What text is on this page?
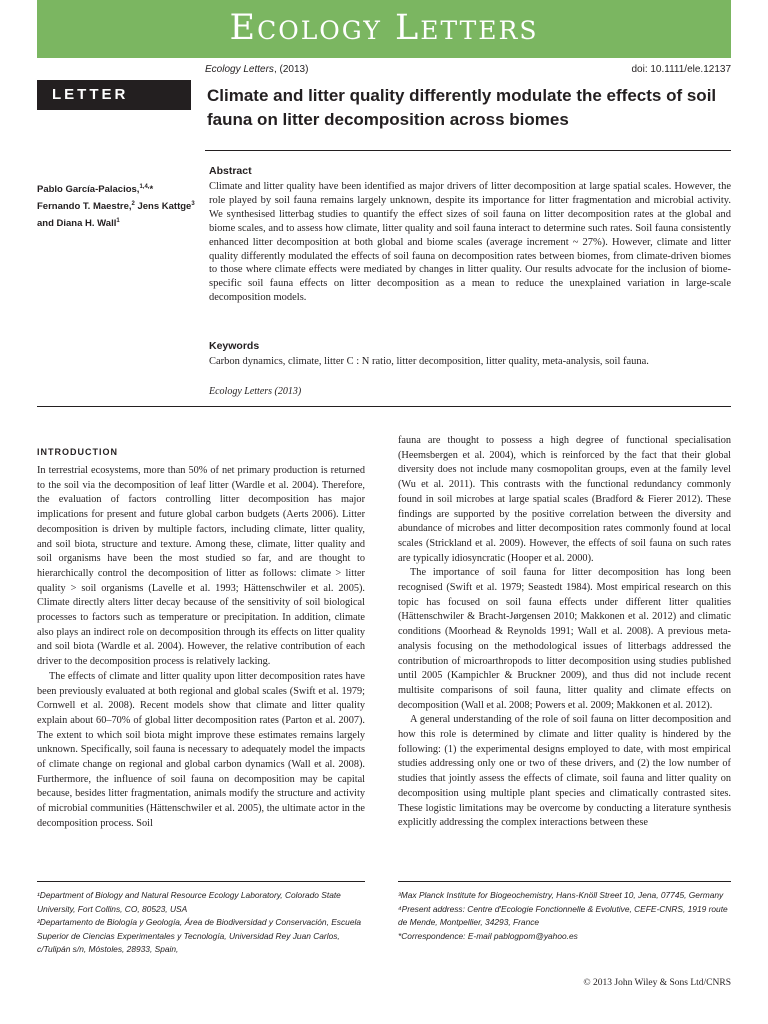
Ecology Letters
Ecology Letters, (2013)	doi: 10.1111/ele.12137
LETTER	Climate and litter quality differently modulate the effects of soil fauna on litter decomposition across biomes
Pablo García-Palacios,$^{1,4,}$*
Fernando T. Maestre,$^2$ Jens Kattge$^3$
and Diana H. Wall$^1$
Abstract
Climate and litter quality have been identified as major drivers of litter decomposition at large spatial scales. However, the role played by soil fauna remains largely unknown, despite its importance for litter fragmentation and microbial activity. We synthesised litterbag studies to quantify the effect sizes of soil fauna on litter decomposition rates at the global and biome scales, and to assess how climate, litter quality and soil fauna interact to determine such rates. Soil fauna consistently enhanced litter decomposition at both global and biome scales (average increment ~ 27%). However, climate and litter quality differently modulated the effects of soil fauna on decomposition rates between biomes, from climate-driven biomes to those where climate effects were mediated by changes in litter quality. Our results advocate for the inclusion of biome-specific soil fauna effects on litter decomposition as a mean to reduce the unexplained variation in large-scale decomposition models.
Keywords
Carbon dynamics, climate, litter C : N ratio, litter decomposition, litter quality, meta-analysis, soil fauna.
Ecology Letters (2013)
INTRODUCTION

In terrestrial ecosystems, more than 50% of net primary production is returned to the soil via the decomposition of leaf litter (Wardle et al. 2004). Therefore, the evaluation of factors controlling litter decomposition has major implications for present and future global carbon budgets (Aerts 2006). Litter decomposition is driven by multiple factors, including climate, litter quality, and soil biota, structure and texture. Among these, climate, litter quality and soil organisms have been the most studied so far, and are thought to hierarchically control the decomposition of litter as follows: climate > litter quality > soil organisms (Lavelle et al. 1993; Hättenschwiler et al. 2005). Climate directly alters litter decay because of the sensitivity of soil biological processes to factors such as temperature or precipitation. In addition, climate also plays an indirect role on decomposition through its effects on litter quality and soil biota (Wardle et al. 2004). However, the relative contribution of each driver to the decomposition process is relatively lacking.

The effects of climate and litter quality upon litter decomposition rates have been previously evaluated at both regional and global scales (Swift et al. 1979; Cornwell et al. 2008). Recent models show that climate and litter quality explain about 60–70% of global litter decomposition rates (Parton et al. 2007). The extent to which soil biota might improve these estimates remains largely unknown. Specifically, soil fauna is necessary to adequately model the impacts of climate change on regional and global carbon dynamics (Wall et al. 2008). Furthermore, the influence of soil fauna on decomposition may be capital because, besides litter fragmentation, animals modify the structure and activity of microbial communities (Hättenschwiler et al. 2005), the ultimate actor in the decomposition process. Soil

fauna are thought to possess a high degree of functional specialisation (Heemsbergen et al. 2004), which is reinforced by the fact that their global diversity does not include many cosmopolitan groups, even at the family level (Wu et al. 2011). This contrasts with the functional redundancy commonly found in soil microbes at large spatial scales (Bradford & Fierer 2012). These findings are supported by the positive correlation between the diversity and abundance of microbes and litter decomposition rates commonly found at local scales (Strickland et al. 2009). However, the effects of soil fauna on such rates are typically idiosyncratic (Hooper et al. 2000).

The importance of soil fauna for litter decomposition has long been recognised (Swift et al. 1979; Seastedt 1984). Most empirical research on this topic has focused on soil fauna effects under different litter qualities (Hättenschwiler & Bracht-Jørgensen 2010; Makkonen et al. 2012) and climatic conditions (Moorhead & Reynolds 1991; Wall et al. 2008). A previous meta-analysis focusing on the methodological issues of litterbags addressed the contribution of microarthropods to litter decomposition using studies published until 2005 (Kampichler & Bruckner 2009), and thus did not include recent multisite comparisons of soil fauna, litter quality and climate effects on decomposition (Wall et al. 2008; Powers et al. 2009; Makkonen et al. 2012).

A general understanding of the role of soil fauna on litter decomposition and how this role is determined by climate and litter quality is hindered by the following: (1) the experimental designs employed to date, with most empirical studies addressing only one or two of these drivers, and (2) the low number of studies that jointly assess the effects of climate, soil fauna and litter quality on decomposition using multiple plant species and climatically contrasted sites. These logistic limitations may be overcome by conducting a literature synthesis explicitly addressing the complex interactions between these

¹Department of Biology and Natural Resource Ecology Laboratory, Colorado State University, Fort Collins, CO, 80523, USA
²Departamento de Biología y Geología, Área de Biodiversidad y Conservación, Escuela Superior de Ciencias Experimentales y Tecnología, Universidad Rey Juan Carlos, c/Tulipán s/n, Móstoles, 28933, Spain,
³Max Planck Institute for Biogeochemistry, Hans-Knöll Street 10, Jena, 07745, Germany
⁴Present address: Centre d'Ecologie Fonctionnelle & Evolutive, CEFE-CNRS, 1919 route de Mende, Montpellier, 34293, France
*Correspondence: E-mail pablogpom@yahoo.es
© 2013 John Wiley & Sons Ltd/CNRS
